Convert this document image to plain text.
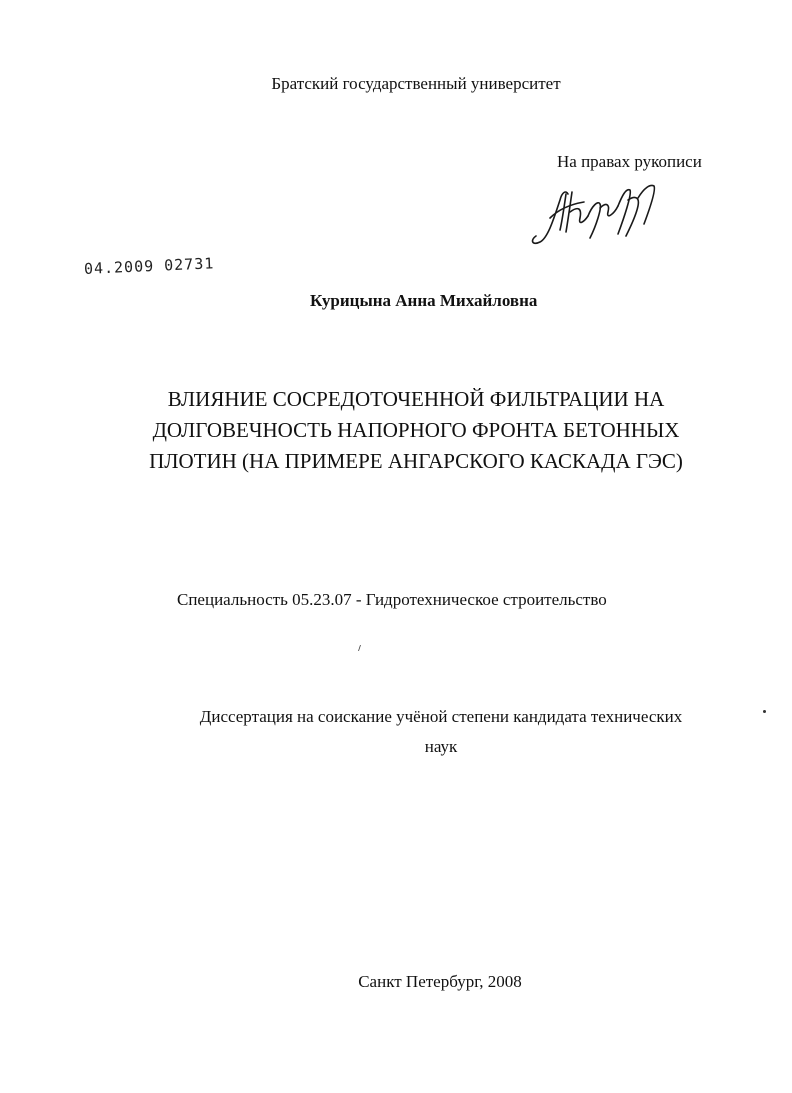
Братский государственный университет
На правах рукописи
04.2009 02731
Курицына Анна Михайловна
ВЛИЯНИЕ СОСРЕДОТОЧЕННОЙ ФИЛЬТРАЦИИ НА
ДОЛГОВЕЧНОСТЬ НАПОРНОГО ФРОНТА БЕТОННЫХ
ПЛОТИН (НА ПРИМЕРЕ АНГАРСКОГО КАСКАДА ГЭС)
Специальность 05.23.07 - Гидротехническое строительство
Диссертация на соискание учёной степени кандидата технических
наук
Санкт Петербург, 2008
